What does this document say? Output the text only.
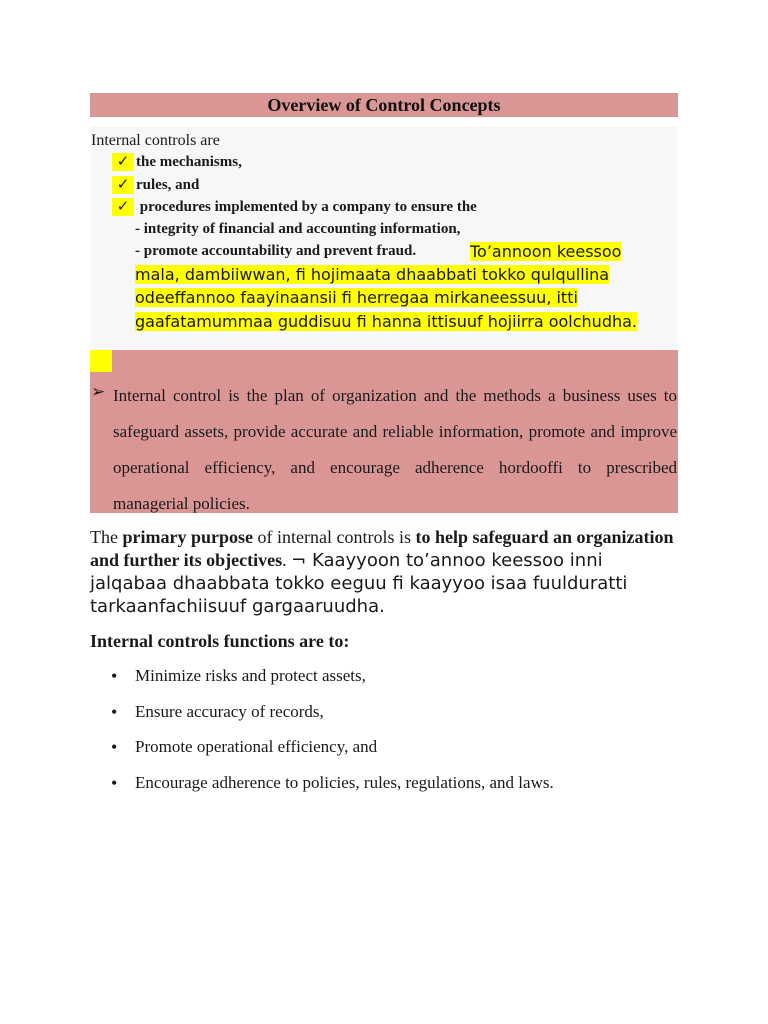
Overview of Control Concepts
Internal controls are
✓ the mechanisms,
✓ rules, and
✓ procedures implemented by a company to ensure the
- integrity of financial and accounting information,
- promote accountability and prevent fraud.	To’annoon keessoo mala, dambiiwwan, fi hojimaata dhaabbati tokko qulqullina odeeffannoo faayinaansii fi herregaa mirkaneessuu, itti gaafatamummaa guddisuu fi hanna ittisuuf hojiirra oolchudha.
➢ Internal control is the plan of organization and the methods a business uses to safeguard assets, provide accurate and reliable information, promote and improve operational efficiency, and encourage adherence hordooffi to prescribed managerial policies.
The primary purpose of internal controls is to help safeguard an organization and further its objectives. ¬ Kaayyoon to’annoo keessoo inni jalqabaa dhaabbata tokko eeguu fi kaayyoo isaa fuulduratti tarkaanfachiisuuf gargaaruudha.
Internal controls functions are to:
•	Minimize risks and protect assets,
•	Ensure accuracy of records,
•	Promote operational efficiency, and
•	Encourage adherence to policies, rules, regulations, and laws.
